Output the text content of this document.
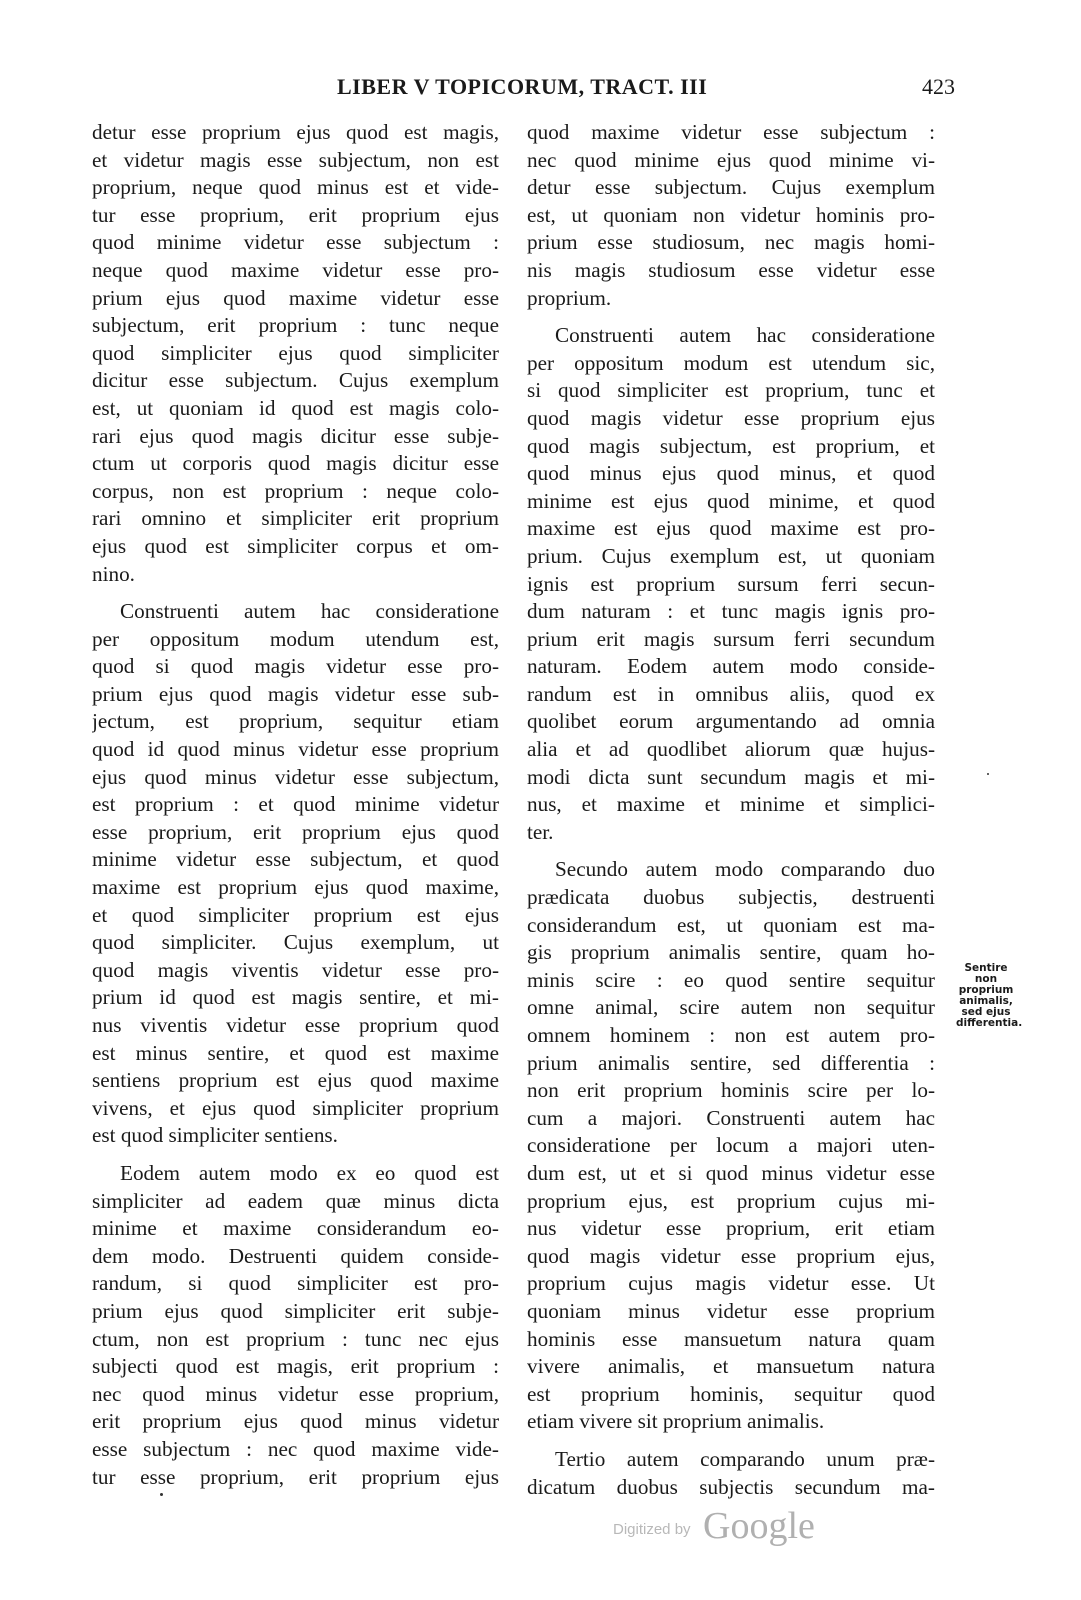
LIBER V TOPICORUM, TRACT. III	423
detur esse proprium ejus quod est magis,
et videtur magis esse subjectum, non est
proprium, neque quod minus est et vide-
tur esse proprium, erit proprium ejus
quod minime videtur esse subjectum :
neque quod maxime videtur esse pro-
prium ejus quod maxime videtur esse
subjectum, erit proprium : tunc neque
quod simpliciter ejus quod simpliciter
dicitur esse subjectum. Cujus exemplum
est, ut quoniam id quod est magis colo-
rari ejus quod magis dicitur esse subje-
ctum ut corporis quod magis dicitur esse
corpus, non est proprium : neque colo-
rari omnino et simpliciter erit proprium
ejus quod est simpliciter corpus et om-
nino.
Construenti autem hac consideratione
per oppositum modum utendum est,
quod si quod magis videtur esse pro-
prium ejus quod magis videtur esse sub-
jectum, est proprium, sequitur etiam
quod id quod minus videtur esse proprium
ejus quod minus videtur esse subjectum,
est proprium : et quod minime videtur
esse proprium, erit proprium ejus quod
minime videtur esse subjectum, et quod
maxime est proprium ejus quod maxime,
et quod simpliciter proprium est ejus
quod simpliciter. Cujus exemplum, ut
quod magis viventis videtur esse pro-
prium id quod est magis sentire, et mi-
nus viventis videtur esse proprium quod
est minus sentire, et quod est maxime
sentiens proprium est ejus quod maxime
vivens, et ejus quod simpliciter proprium
est quod simpliciter sentiens.
Eodem autem modo ex eo quod est
simpliciter ad eadem quæ minus dicta
minime et maxime considerandum eo-
dem modo. Destruenti quidem conside-
randum, si quod simpliciter est pro-
prium ejus quod simpliciter erit subje-
ctum, non est proprium : tunc nec ejus
subjecti quod est magis, erit proprium :
nec quod minus videtur esse proprium,
erit proprium ejus quod minus videtur
esse subjectum : nec quod maxime vide-
tur esse proprium, erit proprium ejus
quod maxime videtur esse subjectum :
nec quod minime ejus quod minime vi-
detur esse subjectum. Cujus exemplum
est, ut quoniam non videtur hominis pro-
prium esse studiosum, nec magis homi-
nis magis studiosum esse videtur esse
proprium.
Construenti autem hac consideratione
per oppositum modum est utendum sic,
si quod simpliciter est proprium, tunc et
quod magis videtur esse proprium ejus
quod magis subjectum, est proprium, et
quod minus ejus quod minus, et quod
minime est ejus quod minime, et quod
maxime est ejus quod maxime est pro-
prium. Cujus exemplum est, ut quoniam
ignis est proprium sursum ferri secun-
dum naturam : et tunc magis ignis pro-
prium erit magis sursum ferri secundum
naturam. Eodem autem modo conside-
randum est in omnibus aliis, quod ex
quolibet eorum argumentando ad omnia
alia et ad quodlibet aliorum quæ hujus-
modi dicta sunt secundum magis et mi-
nus, et maxime et minime et simplici-
ter.
Secundo autem modo comparando duo
prædicata duobus subjectis, destruenti
considerandum est, ut quoniam est ma-
gis proprium animalis sentire, quam ho-
minis scire : eo quod sentire sequitur
omne animal, scire autem non sequitur
omnem hominem : non est autem pro-
prium animalis sentire, sed differentia :
non erit proprium hominis scire per lo-
cum a majori. Construenti autem hac
consideratione per locum a majori uten-
dum est, ut et si quod minus videtur esse
proprium ejus, est proprium cujus mi-
nus videtur esse proprium, erit etiam
quod magis videtur esse proprium ejus,
proprium cujus magis videtur esse. Ut
quoniam minus videtur esse proprium
hominis esse mansuetum natura quam
vivere animalis, et mansuetum natura
est proprium hominis, sequitur quod
etiam vivere sit proprium animalis.
Tertio autem comparando unum præ-
dicatum duobus subjectis secundum ma-
Sentire non
proprium
animalis,
sed ejus
differentia.
Digitized by Google
